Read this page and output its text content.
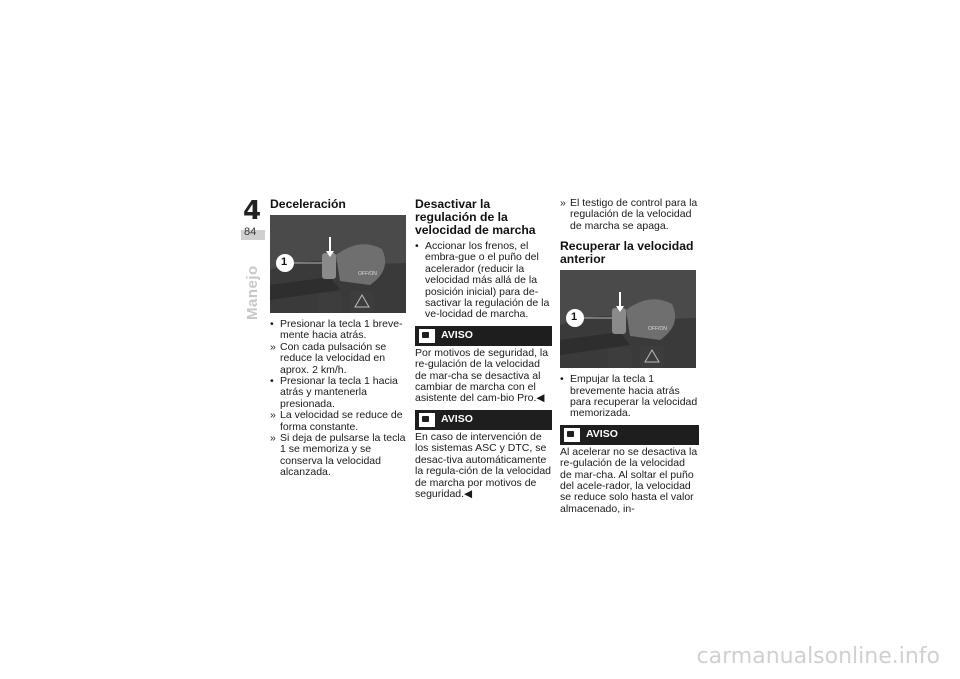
4
84
Manejo

Deceleración

OFF/ON
1
• Presionar la tecla 1 breve-mente hacia atrás.
» Con cada pulsación se reduce la velocidad en aprox. 2 km/h.
• Presionar la tecla 1 hacia atrás y mantenerla presionada.
» La velocidad se reduce de forma constante.
» Si deja de pulsarse la tecla 1 se memoriza y se conserva la velocidad alcanzada.

Desactivar la regulación de la velocidad de marcha

• Accionar los frenos, el embra-gue o el puño del acelerador (reducir la velocidad más allá de la posición inicial) para de-sactivar la regulación de la ve-locidad de marcha.
AVISO

Por motivos de seguridad, la re-gulación de la velocidad de mar-cha se desactiva al cambiar de marcha con el asistente del cam-bio Pro.◀

AVISO

En caso de intervención de los sistemas ASC y DTC, se desac-tiva automáticamente la regula-ción de la velocidad de marcha por motivos de seguridad.◀

» El testigo de control para la regulación de la velocidad de marcha se apaga.

Recuperar la velocidad anterior

OFF/ON
1
• Empujar la tecla 1 brevemente hacia atrás para recuperar la velocidad memorizada.
AVISO

Al acelerar no se desactiva la re-gulación de la velocidad de mar-cha. Al soltar el puño del acele-rador, la velocidad se reduce solo hasta el valor almacenado, in-

carmanualsonline.info
